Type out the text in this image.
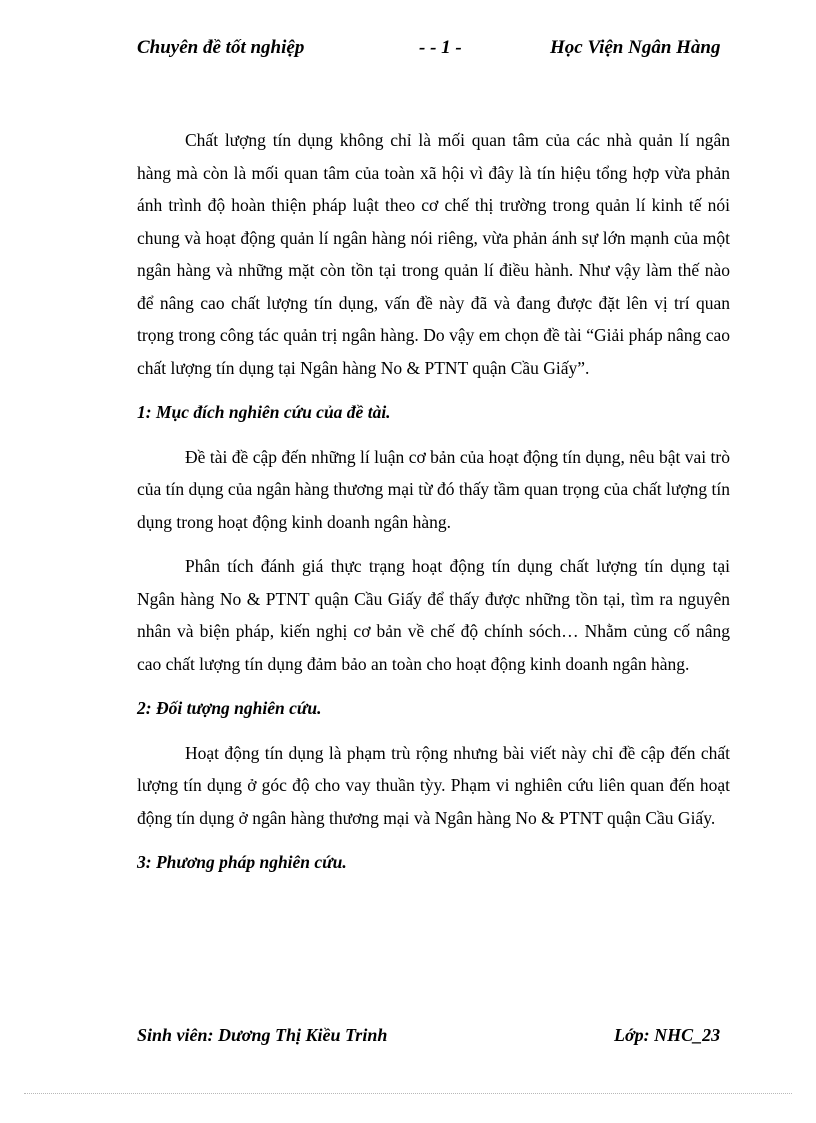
Chuyên đề tốt nghiệp	- - 1 -	Học Viện Ngân Hàng

Chất lượng tín dụng không chỉ là mối quan tâm của các nhà quản lí ngân hàng mà còn là mối quan tâm của toàn xã hội vì đây là tín hiệu tổng hợp vừa phản ánh trình độ hoàn thiện pháp luật theo cơ chế thị trường trong quản lí kinh tế nói chung và hoạt động quản lí ngân hàng nói riêng, vừa phản ánh sự lớn mạnh của một ngân hàng và những mặt còn tồn tại trong quản lí điều hành. Như vậy làm thế nào để nâng cao chất lượng tín dụng, vấn đề này đã và đang được đặt lên vị trí quan trọng trong công tác quản trị ngân hàng. Do vậy em chọn đề tài “Giải pháp nâng cao chất lượng tín dụng tại Ngân hàng No & PTNT quận Cầu Giấy”.

1: Mục đích nghiên cứu của đề tài.

Đề tài đề cập đến những lí luận cơ bản của hoạt động tín dụng, nêu bật vai trò của tín dụng của ngân hàng thương mại từ đó thấy tầm quan trọng của chất lượng tín dụng trong hoạt động kinh doanh ngân hàng.

Phân tích đánh giá thực trạng hoạt động tín dụng chất lượng tín dụng tại Ngân hàng No & PTNT quận Cầu Giấy để thấy được những tồn tại, tìm ra nguyên nhân và biện pháp, kiến nghị cơ bản về chế độ chính sóch… Nhằm củng cố nâng cao chất lượng tín dụng đảm bảo an toàn cho hoạt động kinh doanh ngân hàng.

2: Đối tượng nghiên cứu.

Hoạt động tín dụng là phạm trù rộng nhưng bài viết này chỉ đề cập đến chất lượng tín dụng ở góc độ cho vay thuần tỳy. Phạm vi nghiên cứu liên quan đến hoạt động tín dụng ở ngân hàng thương mại và Ngân hàng No & PTNT quận Cầu Giấy.

3: Phương pháp nghiên cứu.

Sinh viên: Dương Thị Kiều Trinh	Lớp: NHC_23
